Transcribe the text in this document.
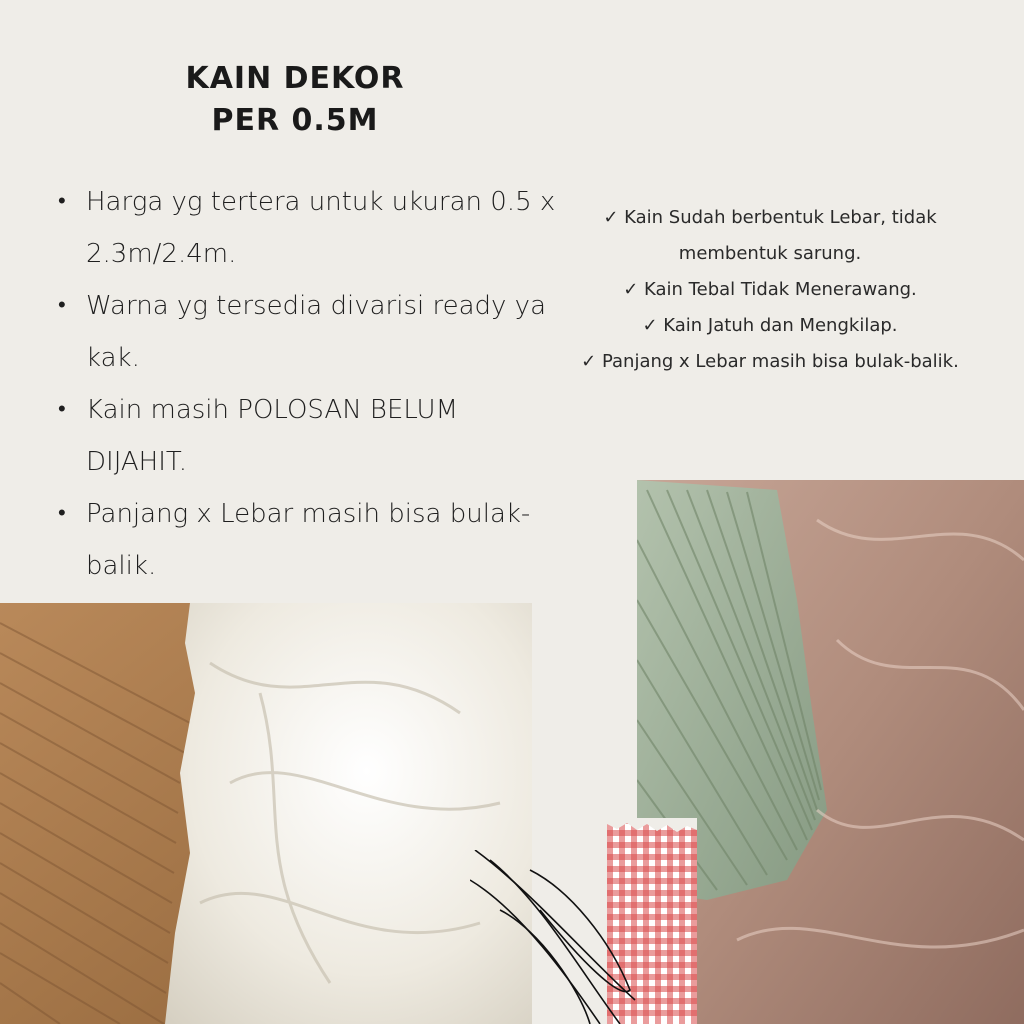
KAIN DEKOR
PER 0.5M
• Harga yg tertera untuk ukuran 0.5 x 2.3m/2.4m.
• Warna yg tersedia divarisi ready ya kak.
• Kain masih POLOSAN BELUM DIJAHIT.
• Panjang x Lebar masih bisa bulak-balik.
✓ Kain Sudah berbentuk Lebar, tidak membentuk sarung.
✓ Kain Tebal Tidak Menerawang.
✓ Kain Jatuh dan Mengkilap.
✓ Panjang x Lebar masih bisa bulak-balik.
